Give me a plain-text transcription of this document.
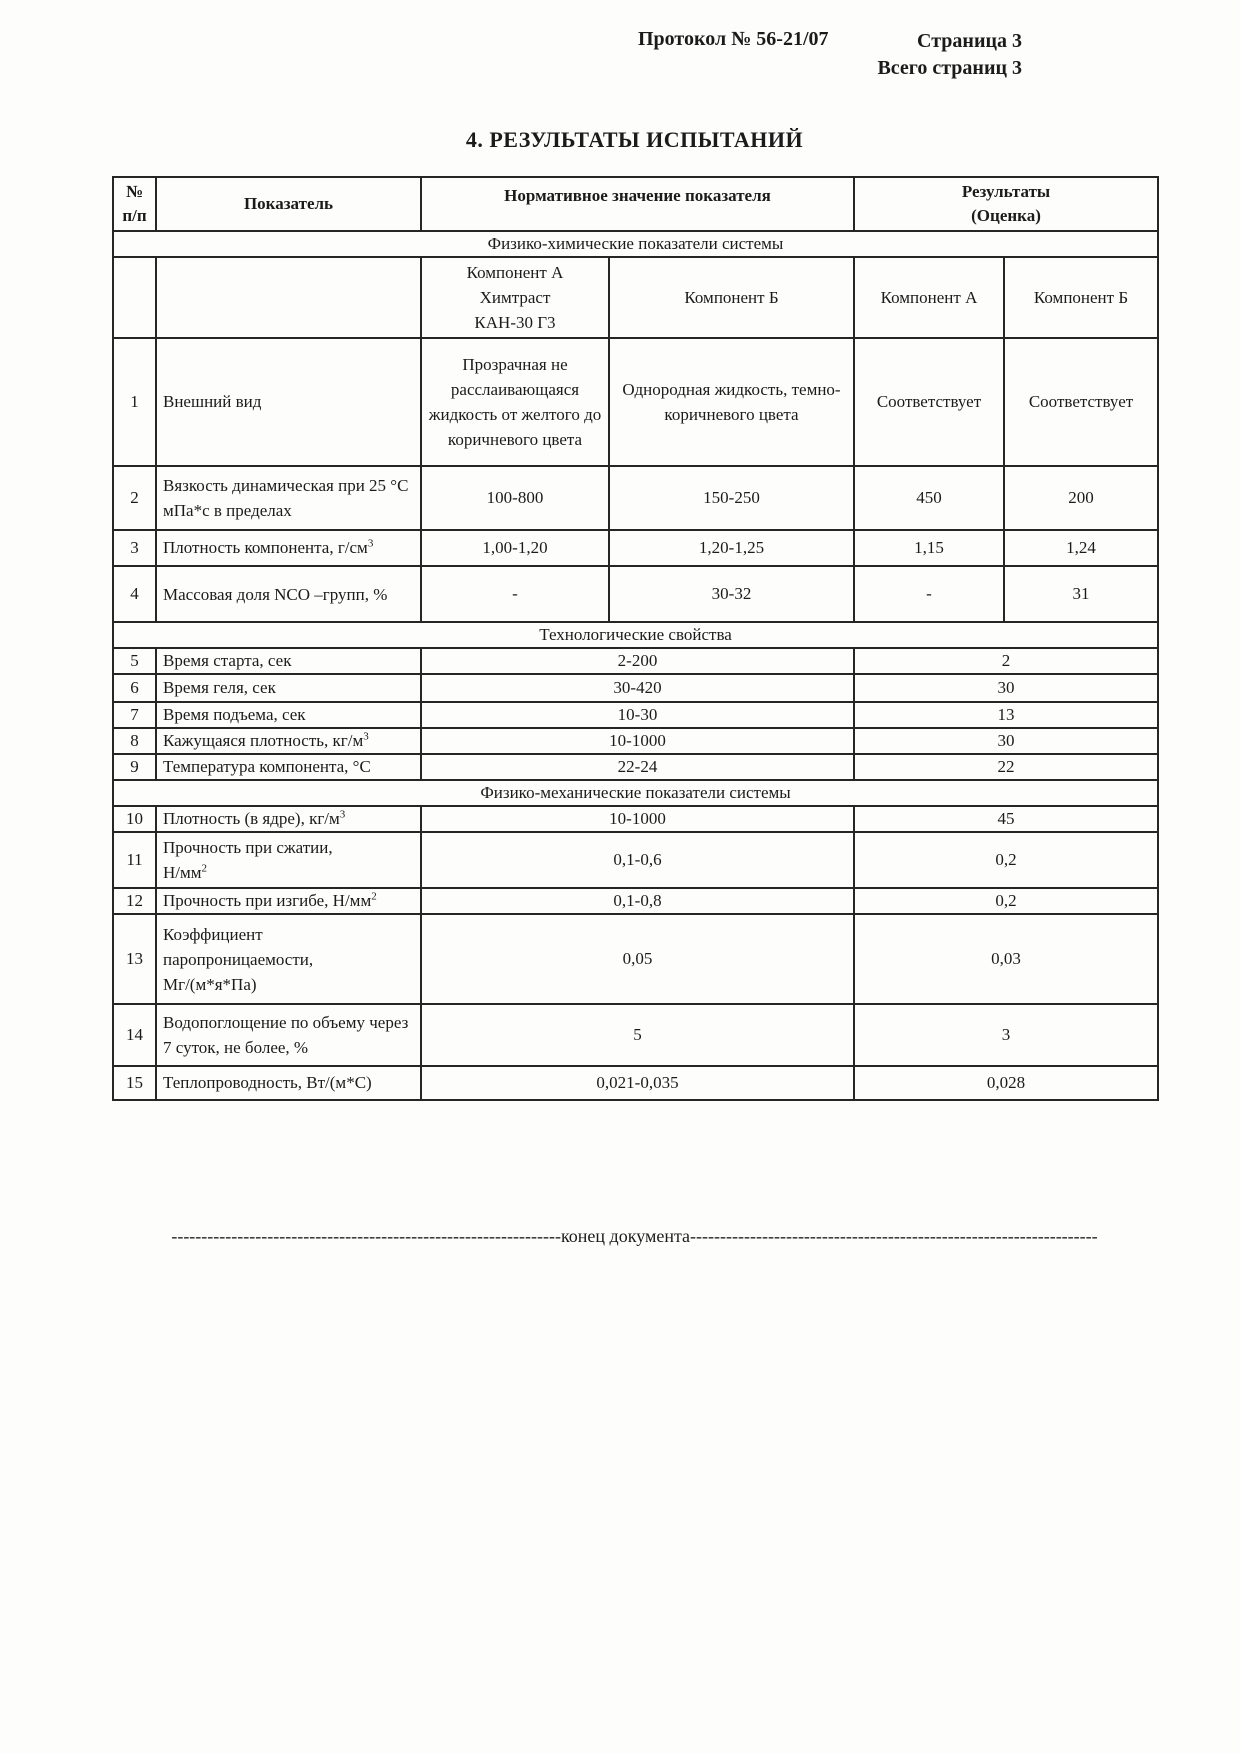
Протокол № 56-21/07	Страница 3
Всего страниц 3
4. РЕЗУЛЬТАТЫ ИСПЫТАНИЙ
№
п/п
	Показатель	Нормативное значение показателя	Результаты
(Оценка)

Физико-химические показатели системы					

		Компонент А
Химтраст
КАН-30 Г3	Компонент Б	Компонент А	Компонент Б
1	Внешний вид	Прозрачная не расслаивающаяся жидкость от желтого до коричневого цвета	Однородная жидкость, темно-коричневого цвета	Соответствует	Соответствует
2	Вязкость динамическая при 25 °С мПа*с в пределах	100-800	150-250	450	200
3	Плотность компонента, $г/см^3$	1,00-1,20	1,20-1,25	1,15	1,24
4	Массовая доля NCO –групп, %	-	30-32	-	31
Технологические свойства					
5	Время старта, сек	2-200		2	
6	Время геля, сек	30-420		30	
7	Время подъема, сек	10-30		13	
8	Кажущаяся плотность, $кг/м^3$	10-1000		30	
9	Температура компонента, °С	22-24		22	
Физико-механические показатели системы					
10	Плотность (в ядре), $кг/м^3$	10-1000		45	
11	Прочность при сжатии,
$Н/мм^2$	0,1-0,6		0,2	
12	Прочность при изгибе, $Н/мм^2$	0,1-0,8		0,2	
13	Коэффициент
паропроницаемости,
Мг/(м*я*Па)	0,05		0,03	
14	Водопоглощение по объему через 7 суток, не более, %	5		3	
15	Теплопроводность, Вт/(м*С)	0,021-0,035		0,028	
-----------------------------------------------------------------конец документа--------------------------------------------------------------------
